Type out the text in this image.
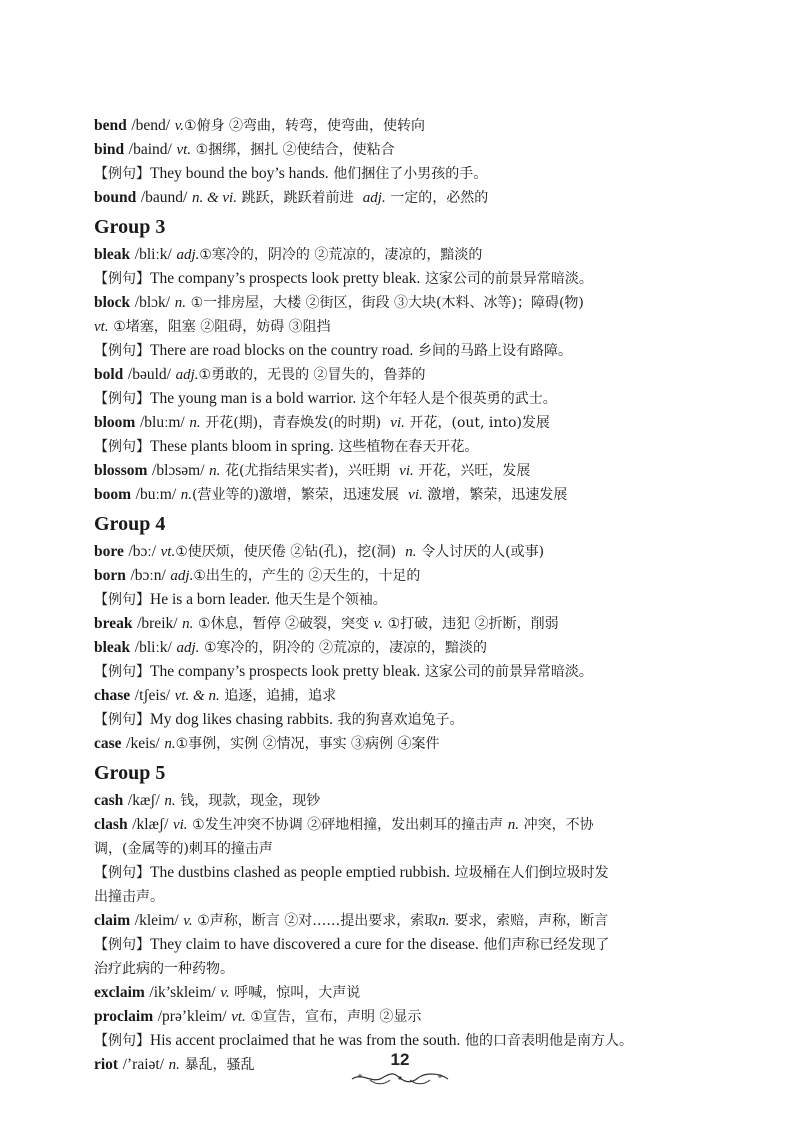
bend /bend/ v.①俯身 ②弯曲，转弯，使弯曲，使转向
bind /baind/ vt. ①捆绑，捆扎 ②使结合，使粘合
【例句】They bound the boy’s hands. 他们捆住了小男孩的手。
bound /baund/ n. & vi. 跳跃，跳跃着前进 adj. 一定的，必然的
Group 3
bleak /bliːk/ adj.①寒冷的，阴冷的 ②荒凉的，凄凉的，黯淡的
【例句】The company’s prospects look pretty bleak. 这家公司的前景异常暗淡。
block /blɔk/ n. ①一排房屋，大楼 ②街区，街段 ③大块(木料、冰等)；障碍(物)
vt. ①堵塞，阻塞 ②阻碍，妨碍 ③阻挡
【例句】There are road blocks on the country road. 乡间的马路上设有路障。
bold /bəuld/ adj.①勇敢的，无畏的 ②冒失的，鲁莽的
【例句】The young man is a bold warrior. 这个年轻人是个很英勇的武士。
bloom /bluːm/ n. 开花(期)，青春焕发(的时期) vi. 开花，(out, into)发展
【例句】These plants bloom in spring. 这些植物在春天开花。
blossom /blɔsəm/ n. 花(尤指结果实者)，兴旺期 vi. 开花，兴旺，发展
boom /buːm/ n.(营业等的)激增，繁荣，迅速发展 vi. 激增，繁荣，迅速发展
Group 4
bore /bɔː/ vt.①使厌烦，使厌倦 ②钻(孔)，挖(洞) n. 令人讨厌的人(或事)
born /bɔːn/ adj.①出生的，产生的 ②天生的，十足的
【例句】He is a born leader. 他天生是个领袖。
break /breik/ n. ①休息，暂停 ②破裂，突变 v. ①打破，违犯 ②折断，削弱
bleak /bliːk/ adj. ①寒冷的，阴冷的 ②荒凉的，凄凉的，黯淡的
【例句】The company’s prospects look pretty bleak. 这家公司的前景异常暗淡。
chase /tʃeis/ vt. & n. 追逐，追捕，追求
【例句】My dog likes chasing rabbits. 我的狗喜欢追兔子。
case /keis/ n.①事例，实例 ②情况，事实 ③病例 ④案件
Group 5
cash /kæʃ/ n. 钱，现款，现金，现钞
clash /klæʃ/ vi. ①发生冲突不协调 ②砰地相撞，发出刺耳的撞击声 n. 冲突，不协
调，(金属等的)刺耳的撞击声
【例句】The dustbins clashed as people emptied rubbish. 垃圾桶在人们倒垃圾时发
出撞击声。
claim /kleim/ v. ①声称，断言 ②对……提出要求，索取n. 要求，索赔，声称，断言
【例句】They claim to have discovered a cure for the disease. 他们声称已经发现了
治疗此病的一种药物。
exclaim /ik’skleim/ v. 呼喊，惊叫，大声说
proclaim /prə’kleim/ vt. ①宣告，宣布，声明 ②显示
【例句】His accent proclaimed that he was from the south. 他的口音表明他是南方人。
riot /’raiət/ n. 暴乱，骚乱	12
